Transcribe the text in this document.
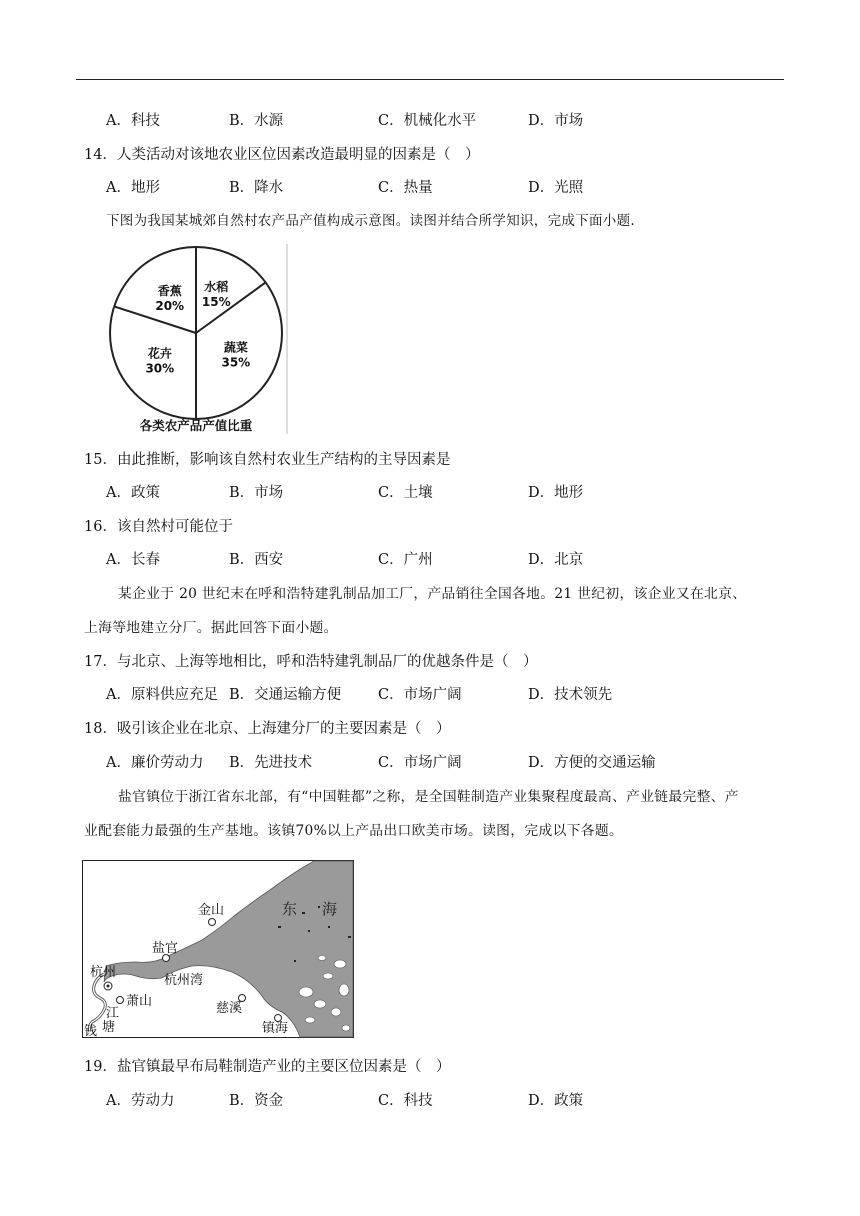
A．科技	B．水源	C．机械化水平	D．市场
14．人类活动对该地农业区位因素改造最明显的因素是（　）
A．地形	B．降水	C．热量	D．光照
下图为我国某城郊自然村农产品产值构成示意图。读图并结合所学知识，完成下面小题.
水稻
15%
蔬菜
35%
花卉
30%
香蕉
20%
各类农产品产值比重
15．由此推断，影响该自然村农业生产结构的主导因素是
A．政策	B．市场	C．土壤	D．地形
16．该自然村可能位于
A．长春	B．西安	C．广州	D．北京
某企业于 20 世纪末在呼和浩特建乳制品加工厂，产品销往全国各地。21 世纪初，该企业又在北京、
上海等地建立分厂。据此回答下面小题。
17．与北京、上海等地相比，呼和浩特建乳制品厂的优越条件是（　）
A．原料供应充足 B．交通运输方便	C．市场广阔	D．技术领先
18．吸引该企业在北京、上海建分厂的主要因素是（　）
A．廉价劳动力 B．先进技术	C．市场广阔	D．方便的交通运输
盐官镇位于浙江省东北部，有“中国鞋都”之称，是全国鞋制造产业集聚程度最高、产业链最完整、产
业配套能力最强的生产基地。该镇70%以上产品出口欧美市场。读图，完成以下各题。
金山	东 海
盐官
杭州
杭州湾
萧山	慈溪
镇海
江
塘
钱
19．盐官镇最早布局鞋制造产业的主要区位因素是（　）
A．劳动力	B．资金	C．科技	D．政策
